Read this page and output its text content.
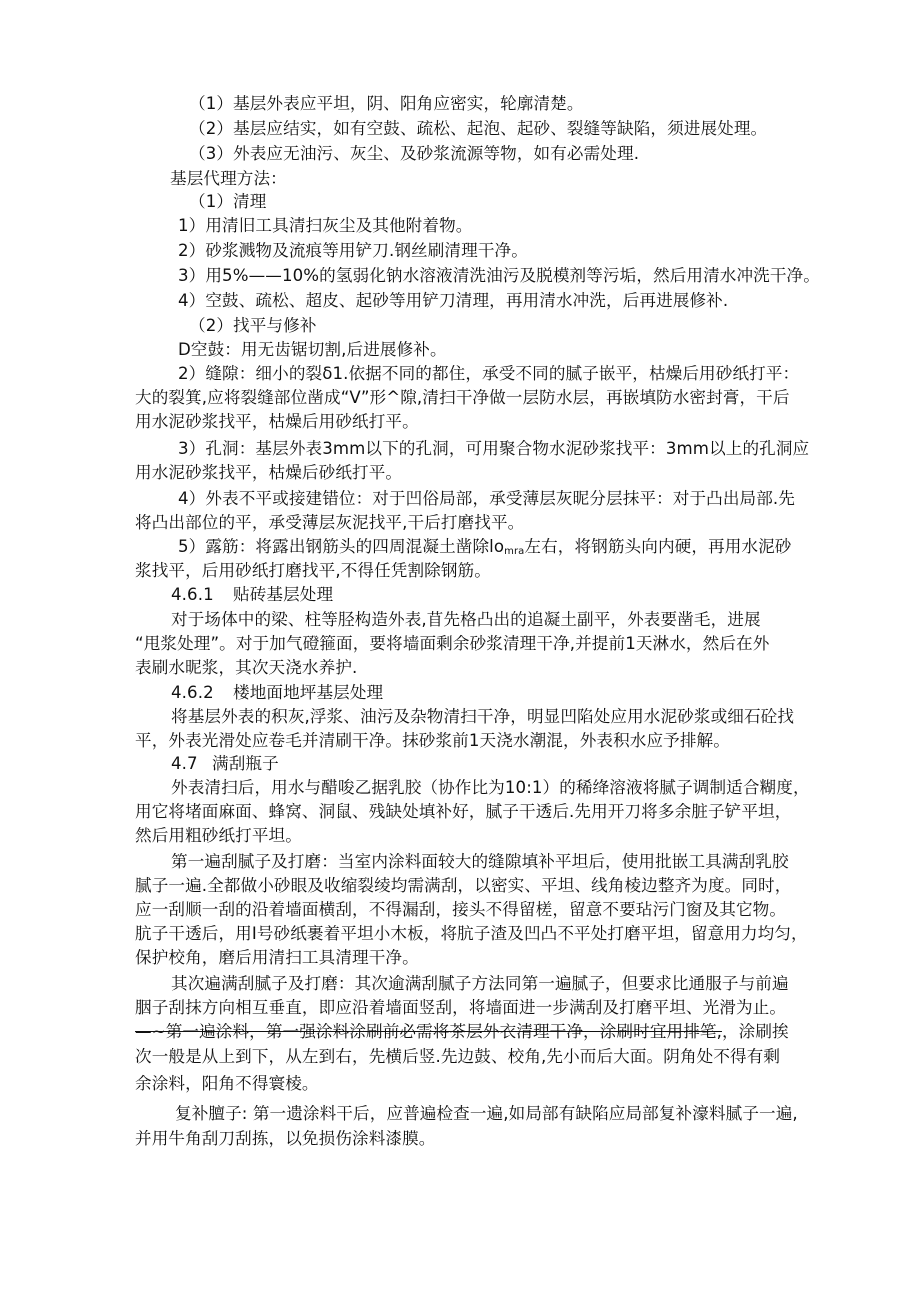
（1）基层外表应平坦，阴、阳角应密实，轮廓清楚。
（2）基层应结实，如有空鼓、疏松、起泡、起砂、裂缝等缺陷，须进展处理。
（3）外表应无油污、灰尘、及砂浆流源等物，如有必需处理.
基层代理方法：
（1）清理
1）用清旧工具清扫灰尘及其他附着物。
2）砂浆溅物及流痕等用铲刀.钢丝刷清理干净。
3）用5%——10%的氢弱化钠水溶液清洗油污及脱模剂等污垢，然后用清水冲洗干净。
4）空鼓、疏松、超皮、起砂等用铲刀清理，再用清水冲洗，后再进展修补.
（2）找平与修补
D空鼓：用无齿锯切割,后进展修补。
2）缝隙：细小的裂δ1.依据不同的都住，承受不同的腻子嵌平，枯燥后用砂纸打平：
大的裂箕,应将裂缝部位凿成“V”形^隙,清扫干净做一层防水层，再嵌填防水密封膏，干后
用水泥砂浆找平，枯燥后用砂纸打平。
3）孔洞：基层外表3mm以下的孔洞，可用聚合物水泥砂浆找平：3mm以上的孔洞应
用水泥砂浆找平，枯燥后砂纸打平。
4）外表不平或接建错位：对于凹俗局部，承受薄层灰昵分层抹平：对于凸出局部.先
将凸出部位的平，承受薄层灰泥找平,干后打磨找平。
5）露筋：将露出钢筋头的四周混凝土凿除$lo_{mra}$左右，将钢筋头向内硬，再用水泥砂
浆找平，后用砂纸打磨找平,不得任凭割除钢筋。
4.6.1 贴砖基层处理
对于场体中的梁、柱等胫构造外表,苜先格凸出的追凝土副平，外表要凿毛，进展
“甩浆处理”。对于加气磴箍面，要将墙面剩余砂浆清理干净,并提前1天淋水，然后在外
表刷水昵浆，其次天浇水养护.
4.6.2 楼地面地坪基层处理
将基层外表的积灰,浮浆、油污及杂物清扫干净，明显凹陷处应用水泥砂浆或细石砼找
平，外表光滑处应卷毛并清刷干净。抹砂浆前1天浇水潮混，外表积水应予排解。
4.7 满刮瓶子
外表清扫后，用水与醋唆乙据乳胶（协作比为10:1）的稀绛溶液将腻子调制适合糊度，
用它将堵面麻面、蜂窝、洞鼠、残缺处填补好，腻子干透后.先用开刀将多余脏子铲平坦，
然后用粗砂纸打平坦。
第一遍刮腻子及打磨：当室内涂料面较大的缝隙填补平坦后，使用批嵌工具满刮乳胶
腻子一遍.全都做小砂眼及收缩裂绫均需满刮，以密实、平坦、线角棱边整齐为度。同时，
应一刮顺一刮的沿着墙面横刮，不得漏刮，接头不得留槎，留意不要玷污门窗及其它物。
肮子干透后，用I号砂纸裹着平坦小木板，将肮子渣及凹凸不平处打磨平坦，留意用力均匀，
保护校角，磨后用清扫工具清理干净。
其次遍满刮腻子及打磨：其次逾满刮腻子方法同第一遍腻子，但要求比通服子与前遍
胭子刮抹方向相互垂直，即应沿着墙面竖刮，将墙面进一步满刮及打磨平坦、光滑为止。
—~第一遍涂料，第一强涂料涂刷前必需将茶层外衣清理干净，涂刷时宜用排笔,，涂刷挨
次一般是从上到下，从左到右，先横后竖.先边鼓、校角,先小而后大面。阴角处不得有剩
余涂料，阳角不得寰棱。
复补膻子: 第一遗涂料干后，应普遍检查一遍,如局部有缺陷应局部复补濠料腻子一遍,
并用牛角刮刀刮拣，以免损伤涂料漆膜。
